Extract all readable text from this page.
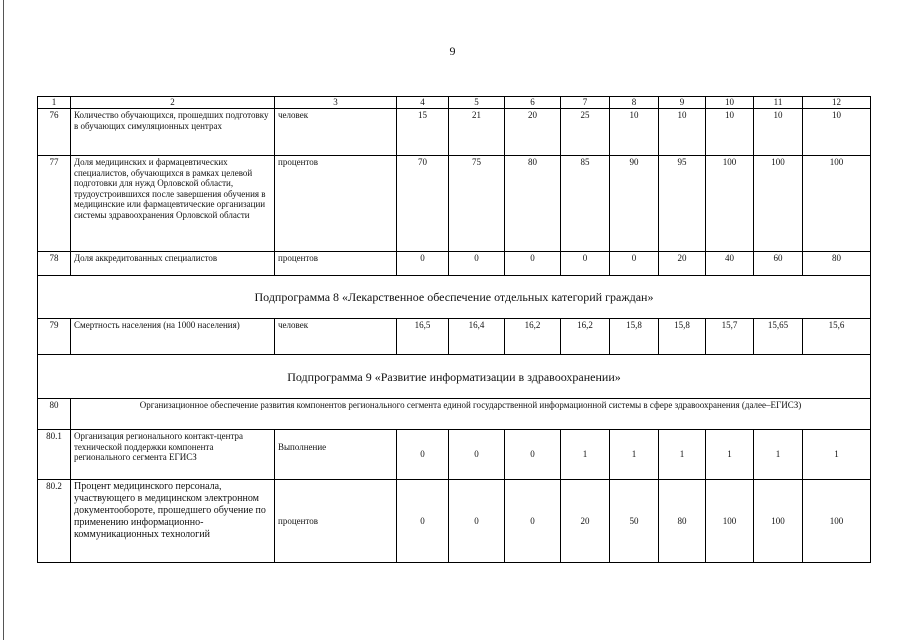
9
1	2	3	4	5	6	7	8	9	10	11	12
76	Количество обучающихся, прошедших подготовку в обучающих симуляционных центрах	человек	15	21	20	25	10	10	10	10	10
77	Доля медицинских и фармацевтических специалистов, обучающихся в рамках целевой подготовки для нужд Орловской области, трудоустроившихся после завершения обучения в медицинские или фармацевтические организации системы здравоохранения Орловской области	процентов	70	75	80	85	90	95	100	100	100
78	Доля аккредитованных специалистов	процентов	0	0	0	0	0	20	40	60	80
Подпрограмма 8 «Лекарственное обеспечение отдельных категорий граждан»											
79	Смертность населения (на 1000 населения)	человек	16,5	16,4	16,2	16,2	15,8	15,8	15,7	15,65	15,6
Подпрограмма 9 «Развитие информатизации в здравоохранении»											
80	Организационное обеспечение развития компонентов регионального сегмента единой государственной информационной системы в сфере здравоохранения (далее–ЕГИСЗ)										
80.1	Организация регионального контакт-центра технической поддержки компонента регионального сегмента ЕГИСЗ	Выполнение	0	0	0	1	1	1	1	1	1
80.2	Процент медицинского персонала, участвующего в медицинском электронном документообороте, прошедшего обучение по применению информационно-коммуникационных технологий	процентов	0	0	0	20	50	80	100	100	100
